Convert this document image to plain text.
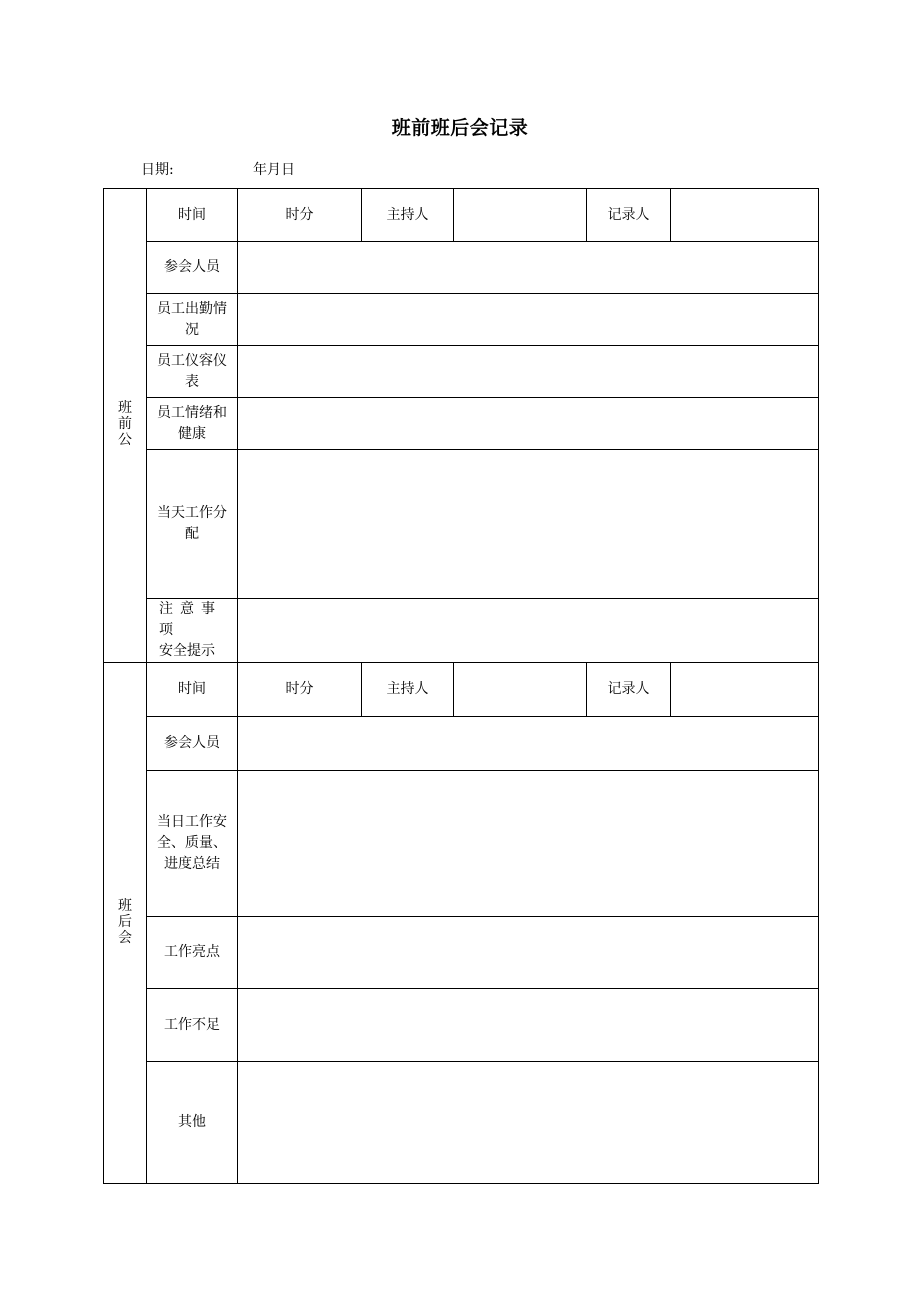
班前班后会记录
日期:	年月日
班前公	时间	时分	主持人		记录人	
	参会人员					
	员工出勤情况					
	员工仪容仪表					
	员工情绪和健康					
	当天工作分配					

	注意事项
安全提示					

班后会	时间	时分	主持人		记录人	
	参会人员					
	当日工作安全、质量、进度总结					
	工作亮点					
	工作不足					
	其他					
